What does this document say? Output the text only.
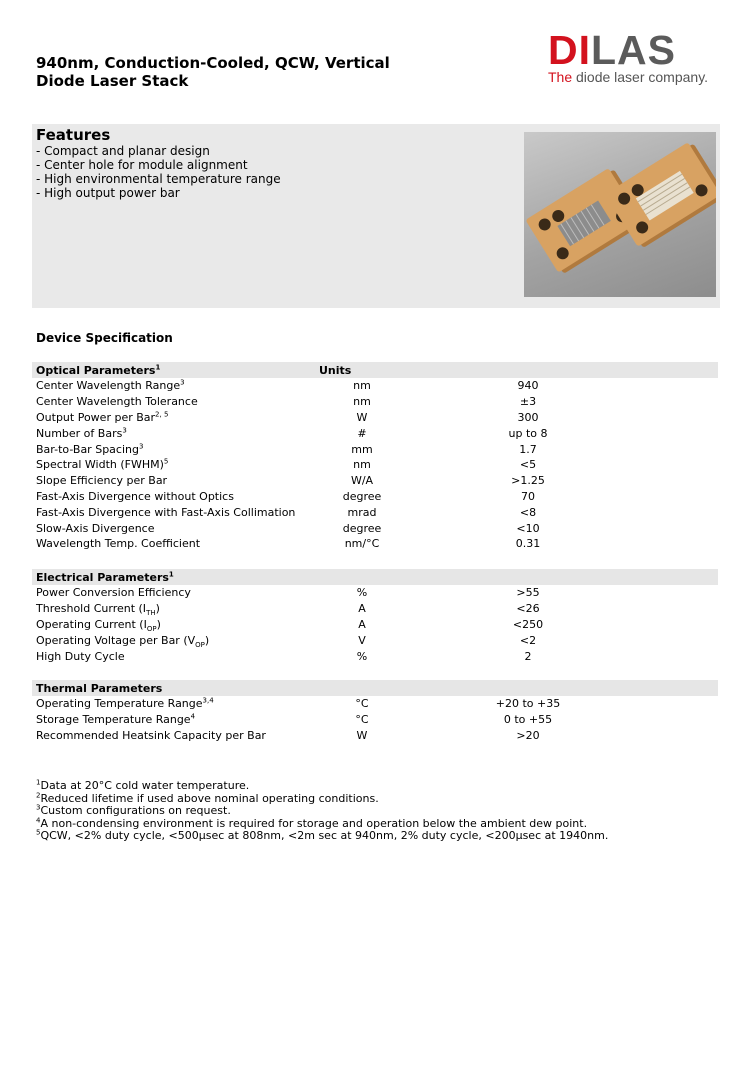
940nm, Conduction-Cooled, QCW, Vertical
Diode Laser Stack
DILAS
The diode laser company.
Features
- Compact and planar design
- Center hole for module alignment
- High environmental temperature range
- High output power bar
Device Specification
Optical Parameters$^1$	Units
Center Wavelength Range$^3$	nm	940
Center Wavelength Tolerance	nm	±3
Output Power per Bar$^{2, 5}$	W	300
Number of Bars$^3$	#	up to 8
Bar-to-Bar Spacing$^3$	mm	1.7
Spectral Width (FWHM)$^5$	nm	<5
Slope Efficiency per Bar	W/A	>1.25
Fast-Axis Divergence without Optics	degree	70
Fast-Axis Divergence with Fast-Axis Collimation	mrad	<8
Slow-Axis Divergence	degree	<10
Wavelength Temp. Coefficient	nm/°C	0.31
Electrical Parameters$^1$
Power Conversion Efficiency	%	>55
Threshold Current $(I_{TH})$	A	<26
Operating Current $(I_{OP})$	A	<250
Operating Voltage per Bar $(V_{OP})$	V	<2
High Duty Cycle	%	2
Thermal Parameters
Operating Temperature Range$^{3,4}$	°C	+20 to +35
Storage Temperature Range$^4$	°C	0 to +55
Recommended Heatsink Capacity per Bar	W	>20
$^1$Data at 20°C cold water temperature.
$^2$Reduced lifetime if used above nominal operating conditions.
$^3$Custom configurations on request.
$^4$A non-condensing environment is required for storage and operation below the ambient dew point.
$^5$QCW, <2% duty cycle, <500µsec at 808nm, <2m sec at 940nm, 2% duty cycle, <200µsec at 1940nm.
